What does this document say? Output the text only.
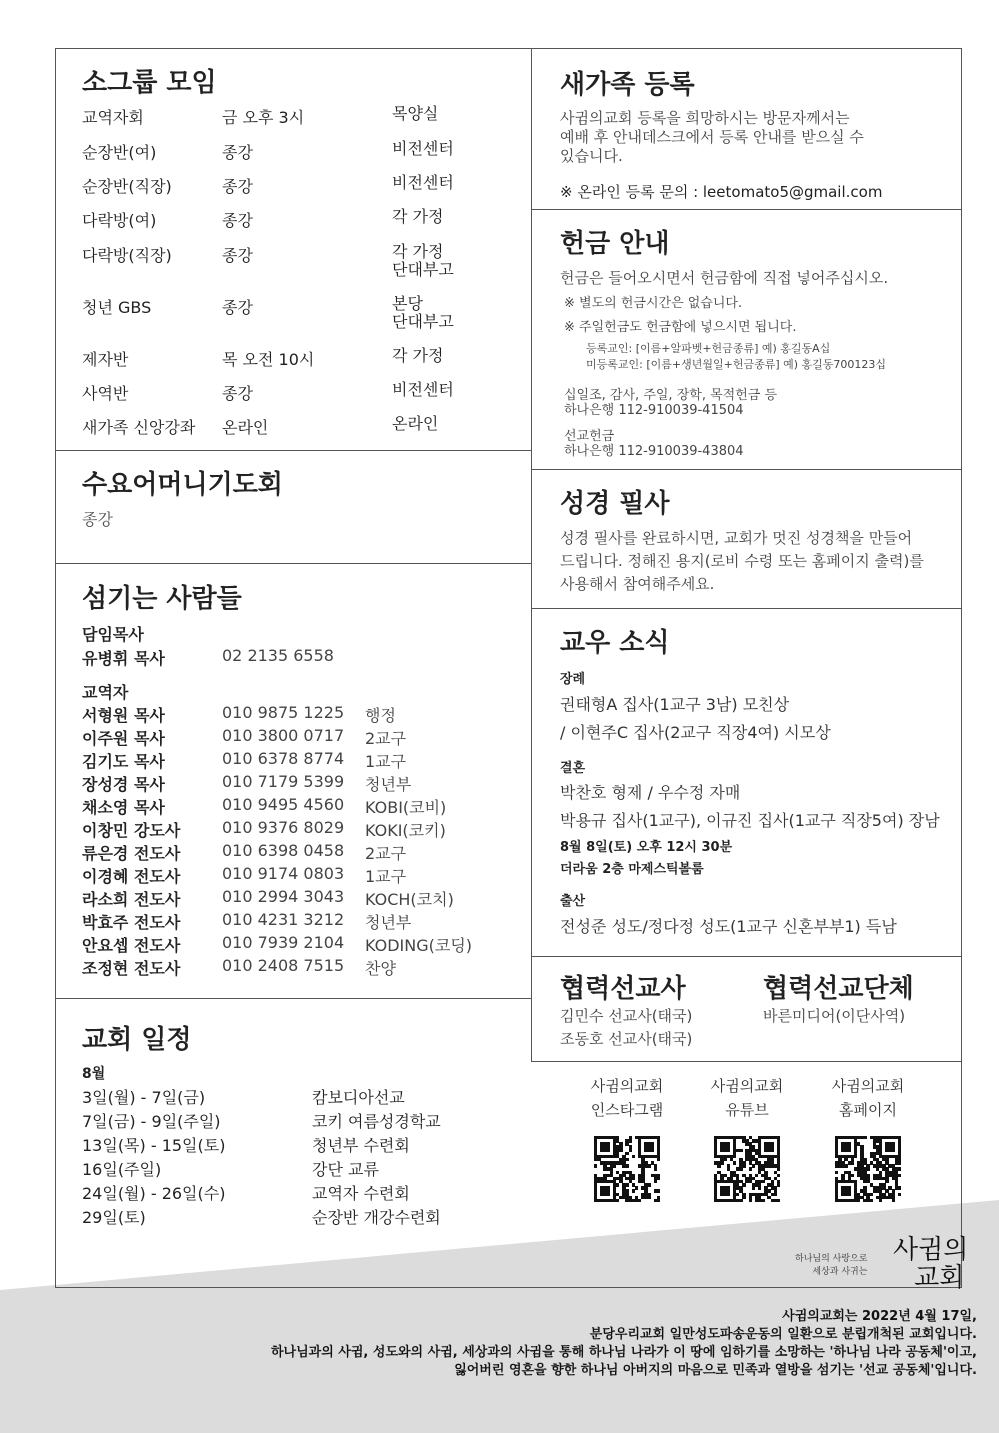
소그룹 모임
교역자회	금 오후 3시	목양실
순장반(여)	종강	비전센터
순장반(직장)	종강	비전센터
다락방(여)	종강	각 가정
다락방(직장)	종강	각 가정
단대부고
청년 GBS	종강	본당
단대부고
제자반	목 오전 10시	각 가정
사역반	종강	비전센터
새가족 신앙강좌 온라인	온라인
수요어머니기도회
종강
섬기는 사람들
담임목사
유병휘 목사	02 2135 6558
교역자
서형원 목사	010 9875 1225 행정
이주원 목사	010 3800 0717 2교구
김기도 목사	010 6378 8774 1교구
장성경 목사	010 7179 5399 청년부
채소영 목사	010 9495 4560 KOBI(코비)
이창민 강도사	010 9376 8029 KOKI(코키)
류은경 전도사	010 6398 0458 2교구
이경혜 전도사	010 9174 0803 1교구
라소희 전도사	010 2994 3043 KOCH(코치)
박효주 전도사	010 4231 3212 청년부
안요셉 전도사	010 7939 2104 KODING(코딩)
조정현 전도사	010 2408 7515 찬양
교회 일정
8월
3일(월) - 7일(금)	캄보디아선교
7일(금) - 9일(주일)	코키 여름성경학교
13일(목) - 15일(토)	청년부 수련회
16일(주일)	강단 교류
24일(월) - 26일(수)	교역자 수련회
29일(토)	순장반 개강수련회
새가족 등록
사귐의교회 등록을 희망하시는 방문자께서는
예배 후 안내데스크에서 등록 안내를 받으실 수
있습니다.
※ 온라인 등록 문의 : leetomato5@gmail.com
헌금 안내
헌금은 들어오시면서 헌금함에 직접 넣어주십시오.
※ 별도의 헌금시간은 없습니다.
※ 주일헌금도 헌금함에 넣으시면 됩니다.
등록교인: [이름+알파벳+헌금종류] 예) 홍길동A십
미등록교인: [이름+생년월일+헌금종류] 예) 홍길동700123십
십일조, 감사, 주일, 장학, 목적헌금 등
하나은행 112-910039-41504
선교헌금
하나은행 112-910039-43804
성경 필사
성경 필사를 완료하시면, 교회가 멋진 성경책을 만들어
드립니다. 정해진 용지(로비 수령 또는 홈페이지 출력)를
사용해서 참여해주세요.
교우 소식
장례
권태형A 집사(1교구 3남) 모친상
/ 이현주C 집사(2교구 직장4여) 시모상
결혼
박찬호 형제 / 우수정 자매
박용규 집사(1교구), 이규진 집사(1교구 직장5여) 장남
8월 8일(토) 오후 12시 30분
더라움 2층 마제스틱볼룸
출산
전성준 성도/정다정 성도(1교구 신혼부부1) 득남
협력선교사
김민수 선교사(태국)
조동호 선교사(태국)
협력선교단체
바른미디어(이단사역)
사귐의교회
인스타그램
사귐의교회
유튜브
사귐의교회
홈페이지
하나님의 사랑으로
세상과 사귀는
사귐의
교회
사귐의교회는 2022년 4월 17일,
분당우리교회 일만성도파송운동의 일환으로 분립개척된 교회입니다.
하나님과의 사귐, 성도와의 사귐, 세상과의 사귐을 통해 하나님 나라가 이 땅에 임하기를 소망하는 '하나님 나라 공동체'이고,
잃어버린 영혼을 향한 하나님 아버지의 마음으로 민족과 열방을 섬기는 '선교 공동체'입니다.
